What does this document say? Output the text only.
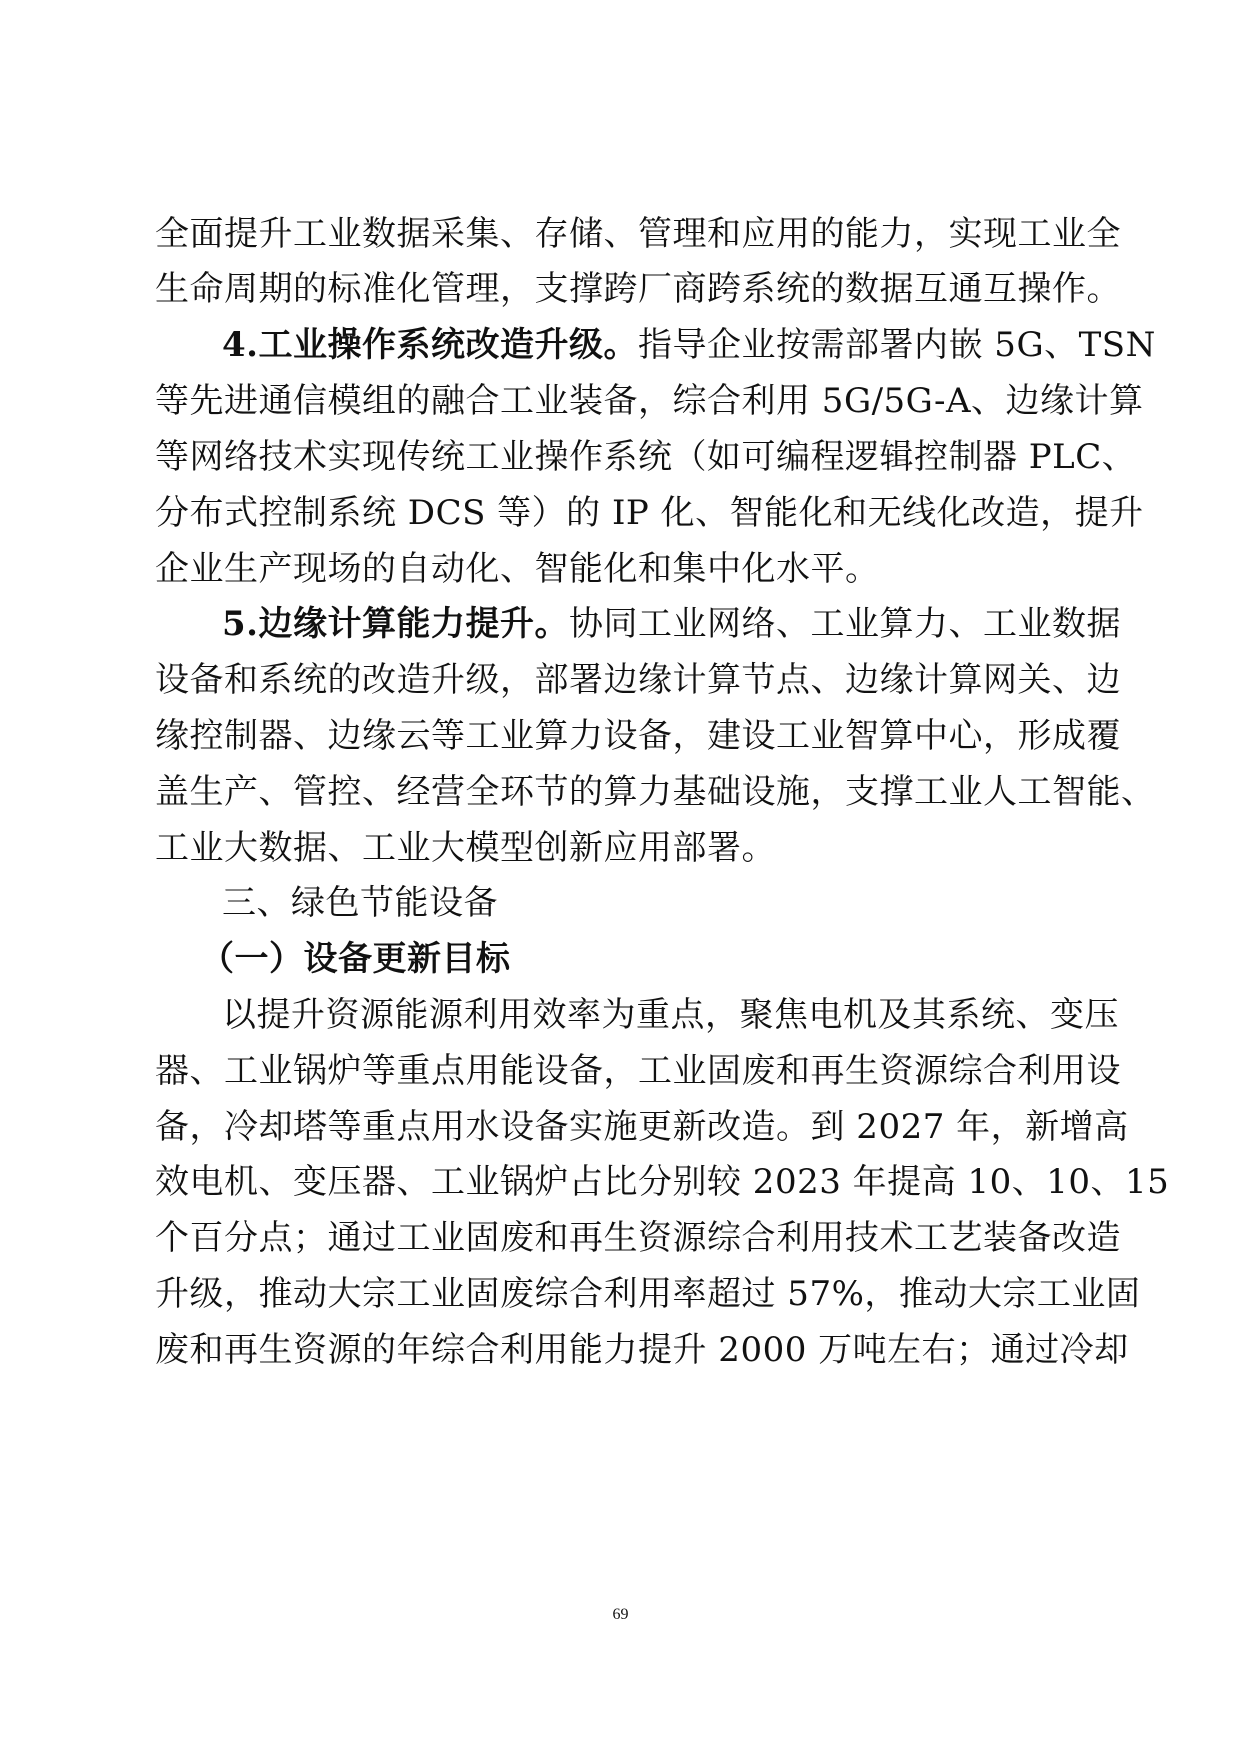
全面提升工业数据采集、存储、管理和应用的能力，实现工业全
生命周期的标准化管理，支撑跨厂商跨系统的数据互通互操作。
4.工业操作系统改造升级。指导企业按需部署内嵌 5G、TSN
等先进通信模组的融合工业装备，综合利用 5G/5G-A、边缘计算
等网络技术实现传统工业操作系统（如可编程逻辑控制器 PLC、
分布式控制系统 DCS 等）的 IP 化、智能化和无线化改造，提升
企业生产现场的自动化、智能化和集中化水平。
5.边缘计算能力提升。协同工业网络、工业算力、工业数据
设备和系统的改造升级，部署边缘计算节点、边缘计算网关、边
缘控制器、边缘云等工业算力设备，建设工业智算中心，形成覆
盖生产、管控、经营全环节的算力基础设施，支撑工业人工智能、
工业大数据、工业大模型创新应用部署。
三、绿色节能设备
（一）设备更新目标
以提升资源能源利用效率为重点，聚焦电机及其系统、变压
器、工业锅炉等重点用能设备，工业固废和再生资源综合利用设
备，冷却塔等重点用水设备实施更新改造。到 2027 年，新增高
效电机、变压器、工业锅炉占比分别较 2023 年提高 10、10、15
个百分点；通过工业固废和再生资源综合利用技术工艺装备改造
升级，推动大宗工业固废综合利用率超过 57%，推动大宗工业固
废和再生资源的年综合利用能力提升 2000 万吨左右；通过冷却
69
